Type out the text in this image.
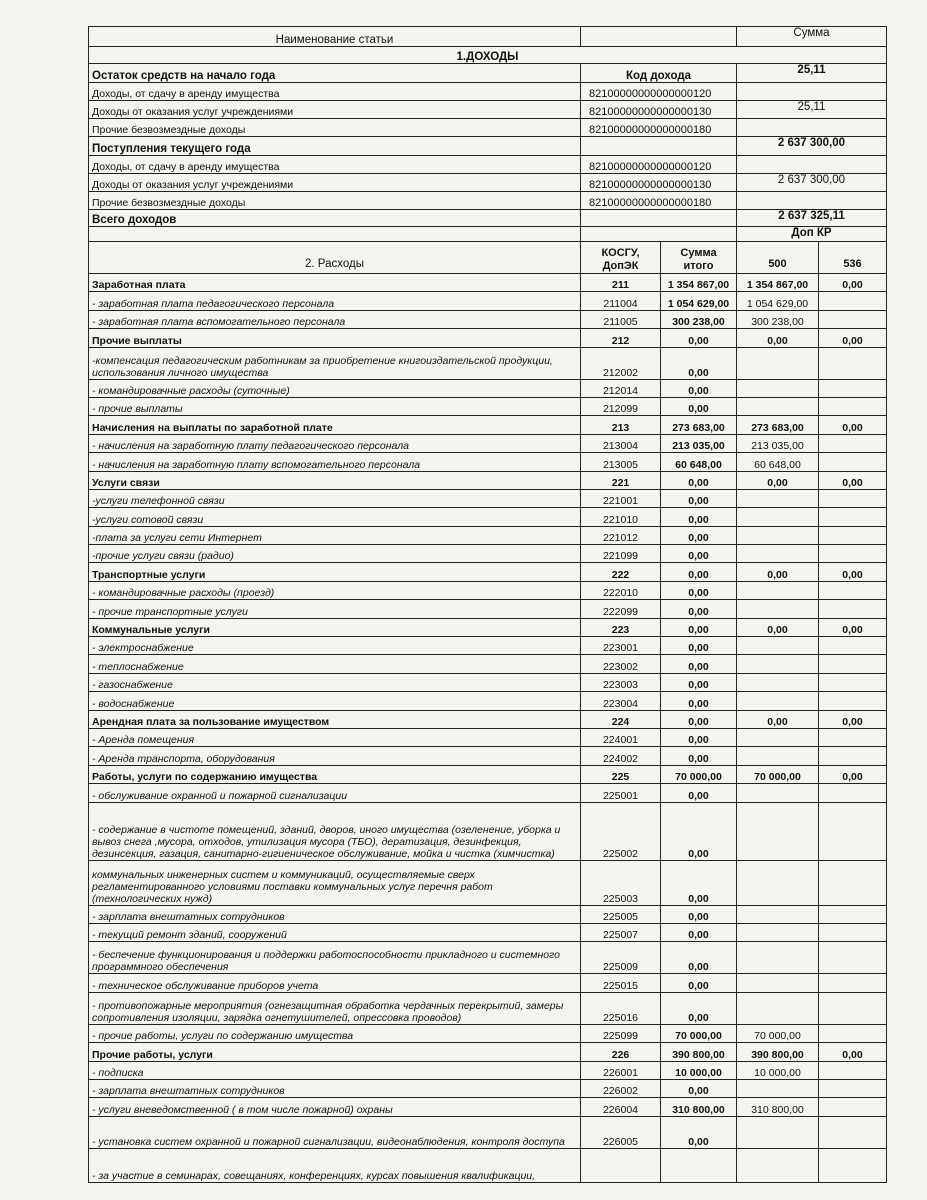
Наименование статьи		Сумма
1.ДОХОДЫ		
Остаток средств на начало года	Код дохода	25,11
Доходы, от сдачу в аренду имущества	82100000000000000120	
Доходы от оказания услуг учреждениями	82100000000000000130	25,11
Прочие безвозмездные доходы	82100000000000000180	
Поступления текущего года		2 637 300,00
Доходы, от сдачу в аренду имущества	82100000000000000120	
Доходы от оказания услуг учреждениями	82100000000000000130	2 637 300,00
Прочие безвозмездные доходы	82100000000000000180	
Всего доходов		2 637 325,11
		Доп КР
2. Расходы	КОСГУ, ДопЭК	Сумма итого	500	536
Заработная плата	211	1 354 867,00	1 354 867,00	0,00
- заработная плата педагогического персонала	211004	1 054 629,00	1 054 629,00	
- заработная плата вспомогательного персонала	211005	300 238,00	300 238,00	
Прочие выплаты	212	0,00	0,00	0,00
-компенсация педагогическим работникам за приобретение книгоиздательской продукции, использования личного имущества	212002	0,00		
- командировачные расходы (суточные)	212014	0,00		
- прочие выплаты	212099	0,00		
Начисления на выплаты по заработной плате	213	273 683,00	273 683,00	0,00
- начисления на заработную плату педагогического персонала	213004	213 035,00	213 035,00	
- начисления на заработную плату вспомогательного персонала	213005	60 648,00	60 648,00	
Услуги связи	221	0,00	0,00	0,00
-услуги телефонной связи	221001	0,00		
-услуги сотовой связи	221010	0,00		
-плата за услуги сети Интернет	221012	0,00		
-прочие услуги связи (радио)	221099	0,00		
Транспортные услуги	222	0,00	0,00	0,00
- командировачные расходы (проезд)	222010	0,00		
- прочие транспортные услуги	222099	0,00		
Коммунальные услуги	223	0,00	0,00	0,00
- электроснабжение	223001	0,00		
- теплоснабжение	223002	0,00		
- газоснабжение	223003	0,00		
- водоснабжение	223004	0,00		
Арендная плата за пользование имуществом	224	0,00	0,00	0,00
- Аренда помещения	224001	0,00		
- Аренда транспорта, оборудования	224002	0,00		
Работы, услуги по содержанию имущества	225	70 000,00	70 000,00	0,00
- обслуживание охранной и пожарной сигнализации	225001	0,00		
- содержание в чистоте помещений, зданий, дворов, иного имущества (озеленение, уборка и вывоз снега ,мусора, отходов, утилизация мусора (ТБО), дератизация, дезинфекция, дезинсекция, газация, санитарно-гигиеническое обслуживание, мойка и чистка (химчистка)	225002	0,00		
коммунальных инженерных систем и коммуникаций, осуществляемые сверх регламентированного условиями поставки коммунальных услуг перечня работ (технологических нужд)	225003	0,00		
- зарплата внештатных сотрудников	225005	0,00		
- текущий ремонт зданий, сооружений	225007	0,00		
- беспечение функционирования и поддержки работоспособности прикладного и системного программного обеспечения	225009	0,00		
- техническое обслуживание приборов учета	225015	0,00		
- противопожарные мероприятия (огнезащитная обработка чердачных перекрытий, замеры сопротивления изоляции, зарядка огнетушителей, опрессовка проводов)	225016	0,00		
- прочие работы, услуги по содержанию имущества	225099	70 000,00	70 000,00	
Прочие работы, услуги	226	390 800,00	390 800,00	0,00
- подписка	226001	10 000,00	10 000,00	
- зарплата внештатных сотрудников	226002	0,00		
- услуги вневедомственной ( в том числе пожарной) охраны	226004	310 800,00	310 800,00	
- установка систем охранной и пожарной сигнализации, видеонаблюдения, контроля доступа	226005	0,00		
- за участие в семинарах, совещаниях, конференциях, курсах повышения квалификации,				
